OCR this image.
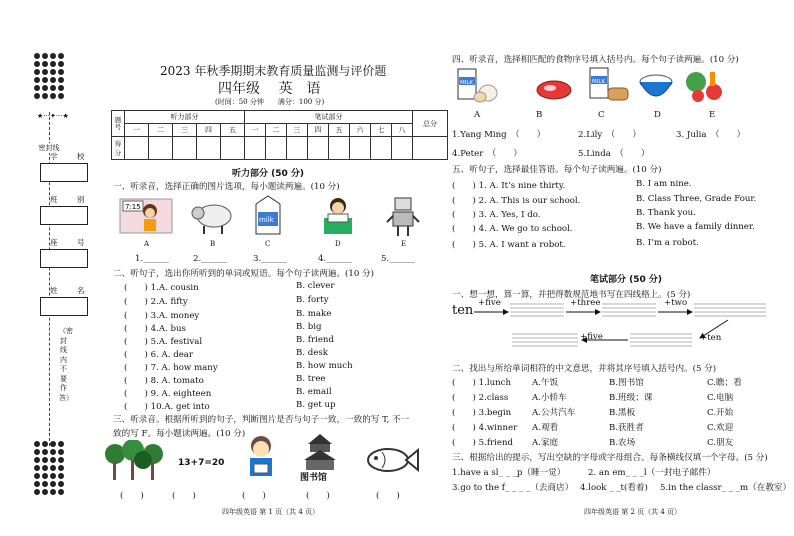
★···✦···★
密封线
学　校
班　别
座　号
姓　名
（密封线内不要作答）
2023 年秋季期期末教育质量监测与评价题
四年级　 英　语
(时间：50 分钟　　满分：100 分)
题号	听力部分					笔试部分								总分
	一	二	三	四	五	一	二	三	四	五	六	七	八	
得分														
听力部分 (50 分)
一、听录音，选择正确的图片选项，每小题读两遍。(10 分)
7:15
milk
A	B	C	D	E
1.______	2.______	3.______	4.______	5.______
二、听句子，选出你所听到的单词或短语。每个句子读两遍。(10 分)
(　　) 1.A. cousin	B. clever
(　　) 2.A. fifty	B. forty
(　　) 3.A. money	B. make
(　　) 4.A. bus	B. big
(　　) 5.A. festival	B. friend
(　　) 6. A. dear	B. desk
(　　) 7. A. how many	B. how much
(　　) 8. A. tomato	B. tree
(　　) 9. A. eighteen	B. email
(　　) 10.A. get into	B. get up
三、听录音。根据所听到的句子，判断图片是否与句子一致，一致的写 T, 不一
致的写 F。每小题读两遍。(10 分)
13+7=20
图书馆
(　　)	(　　)	(　　)	(　　)	(　　)
四年级英语 第 1 页（共 4 页）
四、听录音，选择相匹配的食物序号填入括号内。每个句子读两遍。(10 分)
MILK	MILK
A	B	C	D	E
1.Yang Ming　（　　）	2.Lily　（　　）	3. Julia　（　　）
4.Peter　（　　）	5.Linda　（　　）
五、听句子，选择最佳答语。每个句子读两遍。(10 分)
(　　) 1. A. It’s nine thirty.	B. I am nine.
(　　) 2. A. This is our school.	B. Class Three, Grade Four.
(　　) 3. A. Yes, I do.	B. Thank you.
(　　) 4. A. We go to school.	B. We have a family dinner.
(　　) 5. A. I want a robot.	B. I’m a robot.
笔试部分 (50 分)
一、想一想，算一算，并把得数规范地书写在四线格上。(5 分)
ten +five	+three	+two
+five	+ten
二、找出与所给单词相符的中文意思，并将其序号填入括号内。(5 分)
(　　) 1.lunch A.午饭	B.图书馆	C.瞧；看
(　　) 2.class	A.小轿车	B.班级；课	C.电脑
(　　) 3.begin A.公共汽车	B.黑板	C.开始
(　　) 4.winner A.观看	B.获胜者	C.欢迎
(　　) 5.friend A.家庭	B.农场	C.朋友
三、根据给出的提示，写出空缺的字母或字母组合。每条横线仅填一个字母。(5 分)
1.have a sl_ _ _p（睡一觉）	2. an em_ _ _l（一封电子邮件）
3.go to the f_ _ _ _（去商店） 4.look _ _t(看着) 5.in the classr_ _ _m（在教室）
四年级英语 第 2 页（共 4 页）
